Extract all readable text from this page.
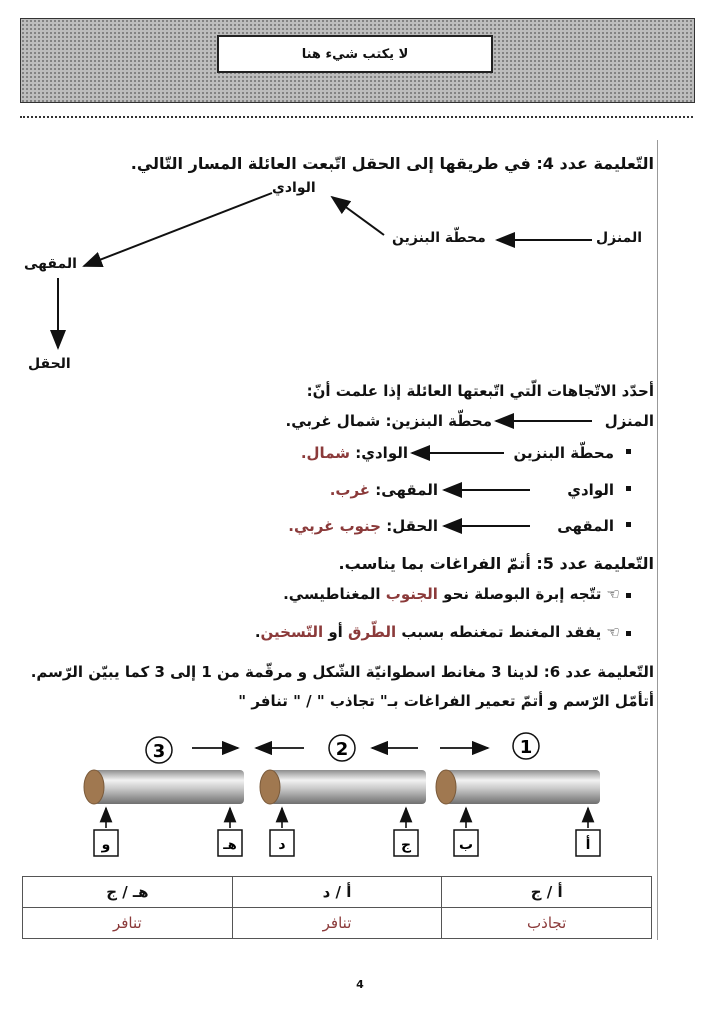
لا يكتب شيء هنا
التّعليمة عدد 4: في طريقها إلى الحقل اتّبعت العائلة المسار التّالي.
المنزل
محطّة البنزين
الوادي
المقهى
الحقل
أحدّد الاتّجاهات الّتي اتّبعتها العائلة إذا علمت أنّ:
المنزل
محطّة البنزين: شمال غربي.
محطّة البنزين
الوادي: شمال.
الوادي
المقهى: غرب.
المقهى
الحقل: جنوب غربي.
التّعليمة عدد 5: أتمّ الفراغات بما يناسب.
☜ تتّجه إبرة البوصلة نحو الجنوب المغناطيسي.
☜ يفقد المغنط تمغنطه بسبب الطّرق أو التّسخين.
التّعليمة عدد 6: لدينا 3 مغانط اسطوانيّة الشّكل و مرقّمة من 1 إلى 3 كما يبيّن الرّسم.
أتأمّل الرّسم و أتمّ تعمير الفراغات بـ" تجاذب " / " تنافر "
1
2
3
أ
ب
ج
د
هـ
و
أ / ج	أ / د	هـ / ج
تجاذب	تنافر	تنافر
4
